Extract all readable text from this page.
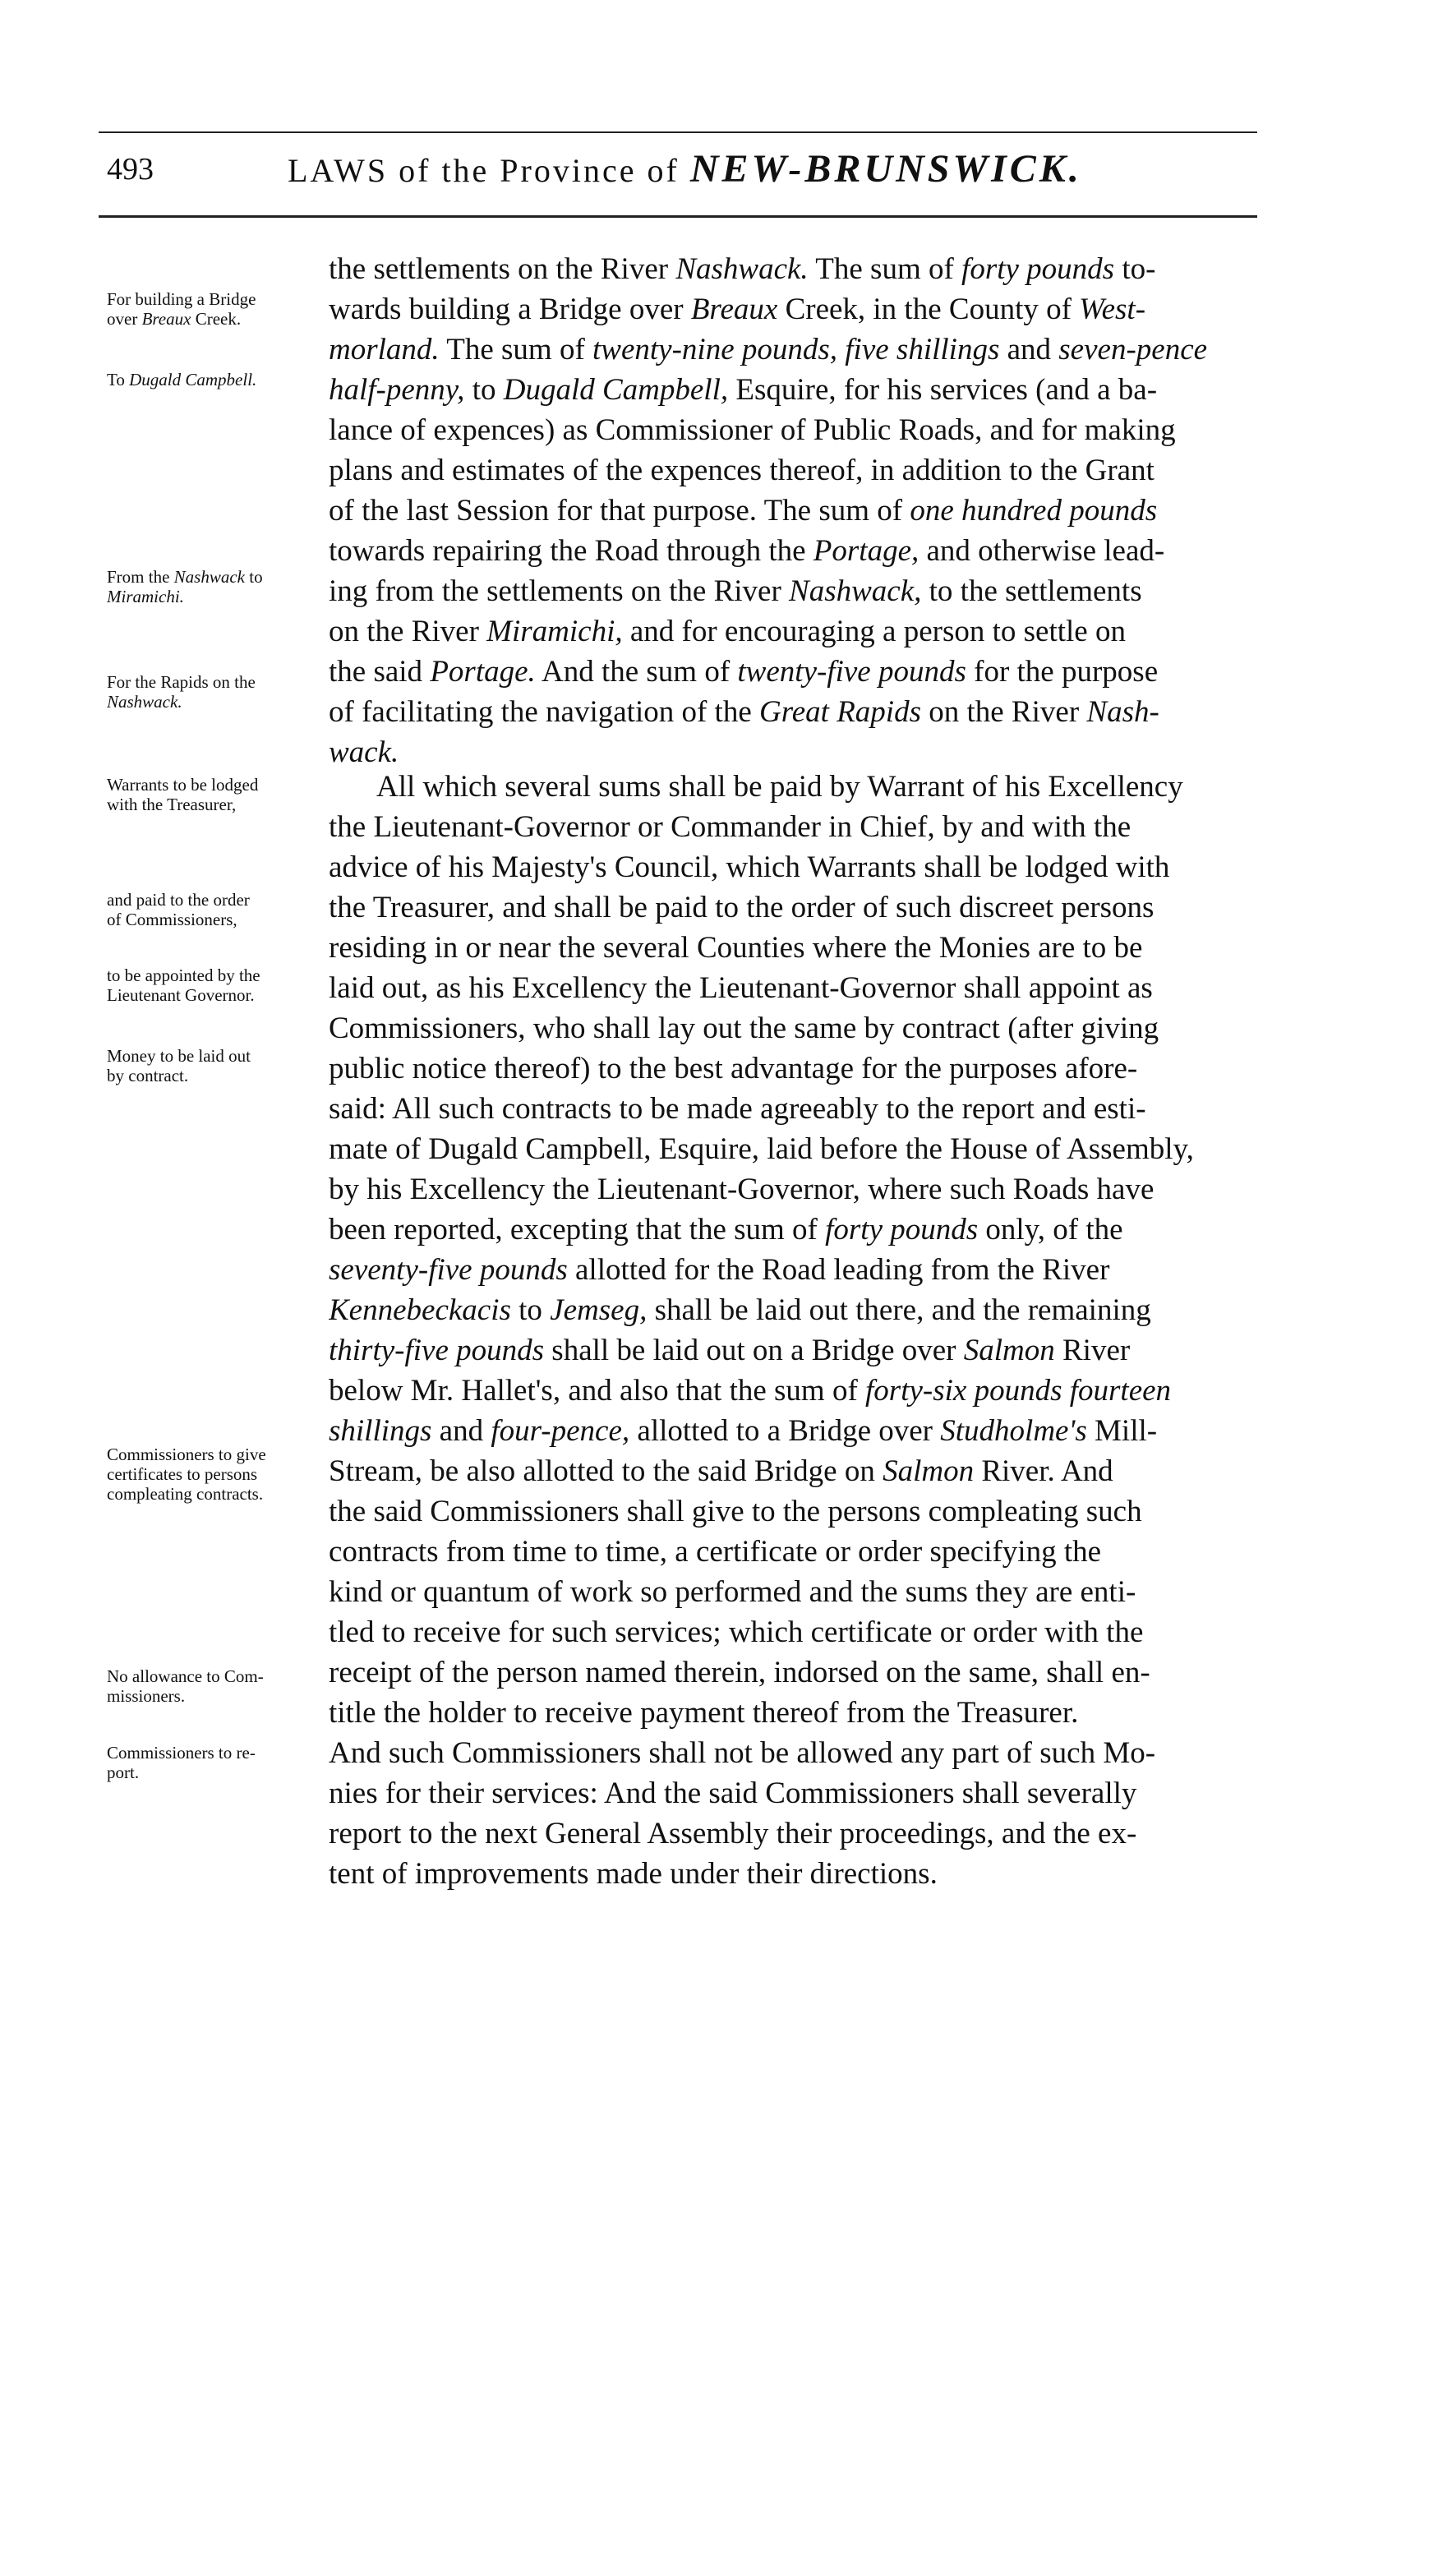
493	LAWS of the Province of NEW-BRUNSWICK.
the settlements on the River Nashwack. The sum of forty pounds to-
wards building a Bridge over Breaux Creek, in the County of West-
morland. The sum of twenty-nine pounds, five shillings and seven-pence
half-penny, to Dugald Campbell, Esquire, for his services (and a ba-
lance of expences) as Commissioner of Public Roads, and for making
plans and estimates of the expences thereof, in addition to the Grant
of the last Session for that purpose. The sum of one hundred pounds
towards repairing the Road through the Portage, and otherwise lead-
ing from the settlements on the River Nashwack, to the settlements
on the River Miramichi, and for encouraging a person to settle on
the said Portage. And the sum of twenty-five pounds for the purpose
of facilitating the navigation of the Great Rapids on the River Nash-
wack.
All which several sums shall be paid by Warrant of his Excellency
the Lieutenant-Governor or Commander in Chief, by and with the
advice of his Majesty's Council, which Warrants shall be lodged with
the Treasurer, and shall be paid to the order of such discreet persons
residing in or near the several Counties where the Monies are to be
laid out, as his Excellency the Lieutenant-Governor shall appoint as
Commissioners, who shall lay out the same by contract (after giving
public notice thereof) to the best advantage for the purposes afore-
said: All such contracts to be made agreeably to the report and esti-
mate of Dugald Campbell, Esquire, laid before the House of Assembly,
by his Excellency the Lieutenant-Governor, where such Roads have
been reported, excepting that the sum of forty pounds only, of the
seventy-five pounds allotted for the Road leading from the River
Kennebeckacis to Jemseg, shall be laid out there, and the remaining
thirty-five pounds shall be laid out on a Bridge over Salmon River
below Mr. Hallet's, and also that the sum of forty-six pounds fourteen
shillings and four-pence, allotted to a Bridge over Studholme's Mill-
Stream, be also allotted to the said Bridge on Salmon River. And
the said Commissioners shall give to the persons compleating such
contracts from time to time, a certificate or order specifying the
kind or quantum of work so performed and the sums they are enti-
tled to receive for such services; which certificate or order with the
receipt of the person named therein, indorsed on the same, shall en-
title the holder to receive payment thereof from the Treasurer.
And such Commissioners shall not be allowed any part of such Mo-
nies for their services: And the said Commissioners shall severally
report to the next General Assembly their proceedings, and the ex-
tent of improvements made under their directions.
For building a Bridge
over Breaux Creek.
To Dugald Campbell.
From the Nashwack to
Miramichi.
For the Rapids on the
Nashwack.
Warrants to be lodged
with the Treasurer,
and paid to the order
of Commissioners,
to be appointed by the
Lieutenant Governor.
Money to be laid out
by contract.
Commissioners to give
certificates to persons
compleating contracts.
No allowance to Com-
missioners.
Commissioners to re-
port.
